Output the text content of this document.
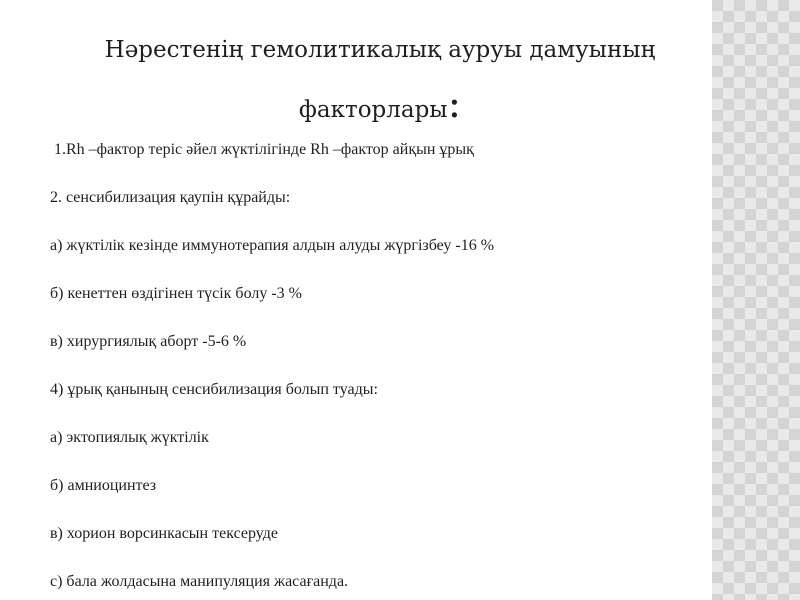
Нәрестенің гемолитикалық ауруы дамуының
факторлары:
1.Rh –фактор теріс әйел жүктілігінде Rh –фактор айқын ұрық
2. сенсибилизация қаупін құрайды:
а) жүктілік кезінде иммунотерапия алдын алуды жүргізбеу -16 %
б) кенеттен өздігінен түсік болу -3 %
в) хирургиялық аборт -5-6 %
4) ұрық қанының сенсибилизация болып туады:
а) эктопиялық жүктілік
б) амниоцинтез
в) хорион ворсинкасын тексеруде
с) бала жолдасына манипуляция жасағанда.
